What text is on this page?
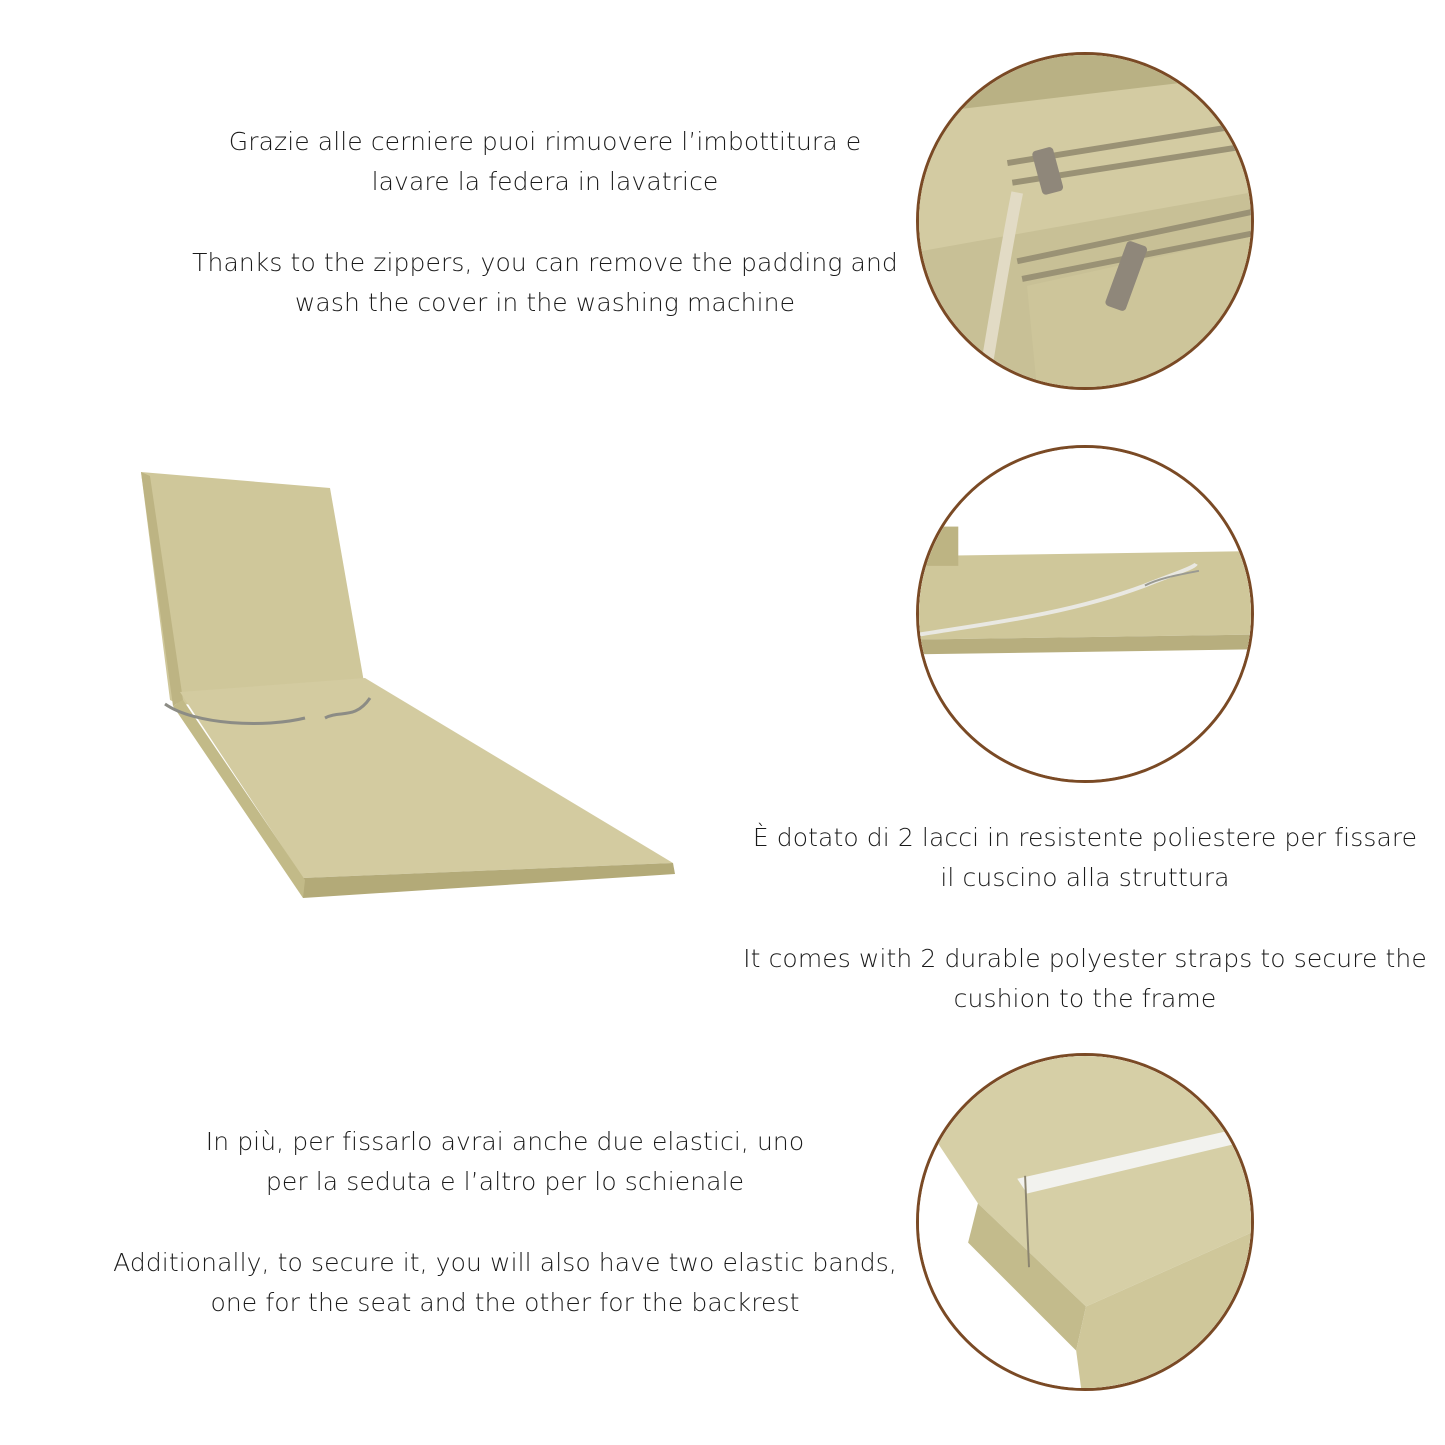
Grazie alle cerniere puoi rimuovere l’imbottitura e

lavare la federa in lavatrice

Thanks to the zippers, you can remove the padding and

wash the cover in the washing machine

È dotato di 2 lacci in resistente poliestere per fissare

il cuscino alla struttura

It comes with 2 durable polyester straps to secure the

cushion to the frame

In più, per fissarlo avrai anche due elastici, uno

per la seduta e l’altro per lo schienale

Additionally, to secure it, you will also have two elastic bands,

one for the seat and the other for the backrest
